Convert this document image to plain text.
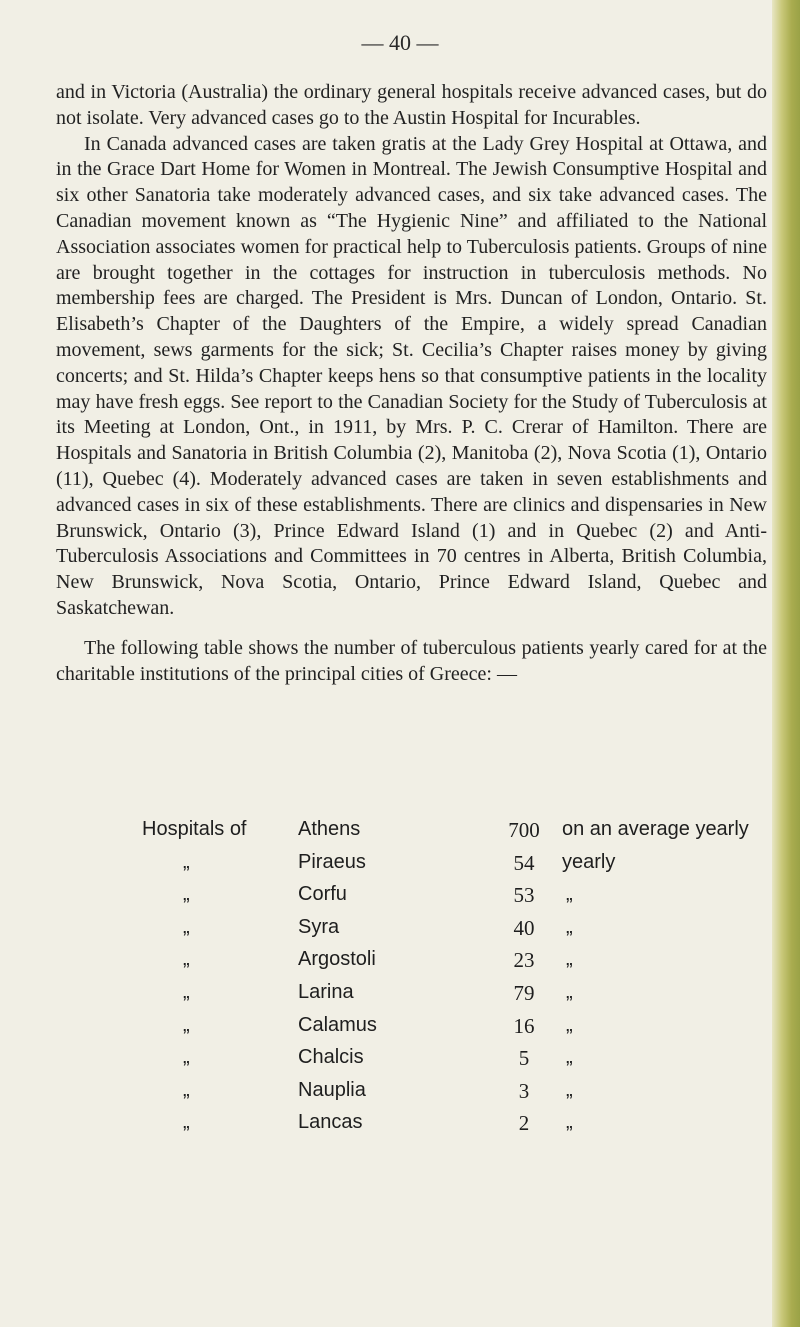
— 40 —

and in Victoria (Australia) the ordinary general hospitals receive advanced cases, but do not isolate. Very advanced cases go to the Austin Hospital for Incurables.

In Canada advanced cases are taken gratis at the Lady Grey Hospital at Ottawa, and in the Grace Dart Home for Women in Montreal. The Jewish Consumptive Hospital and six other Sanatoria take moderately advanced cases, and six take advanced cases. The Canadian movement known as “The Hygienic Nine” and affiliated to the National Association associates women for practical help to Tuberculosis patients. Groups of nine are brought together in the cottages for instruction in tuberculosis methods. No membership fees are charged. The President is Mrs. Duncan of London, Ontario. St. Elisabeth’s Chapter of the Daughters of the Empire, a widely spread Canadian movement, sews garments for the sick; St. Cecilia’s Chapter raises money by giving concerts; and St. Hilda’s Chapter keeps hens so that consumptive patients in the locality may have fresh eggs. See report to the Canadian Society for the Study of Tuberculosis at its Meeting at London, Ont., in 1911, by Mrs. P. C. Crerar of Hamilton. There are Hospitals and Sanatoria in British Columbia (2), Manitoba (2), Nova Scotia (1), Ontario (11), Quebec (4). Moderately advanced cases are taken in seven establishments and advanced cases in six of these establishments. There are clinics and dispensaries in New Brunswick, Ontario (3), Prince Edward Island (1) and in Quebec (2) and Anti-Tuberculosis Associations and Committees in 70 centres in Alberta, British Columbia, New Brunswick, Nova Scotia, Ontario, Prince Edward Island, Quebec and Saskatchewan.

The following table shows the number of tuberculous patients yearly cared for at the charitable institutions of the principal cities of Greece: —

Hospitals of	Athens	700	on an average yearly
„	Piraeus	54	yearly
„	Corfu	53	„
„	Syra	40	„
„	Argostoli	23	„
„	Larina	79	„
„	Calamus	16	„
„	Chalcis	5	„
„	Nauplia	3	„
„	Lancas	2	„
